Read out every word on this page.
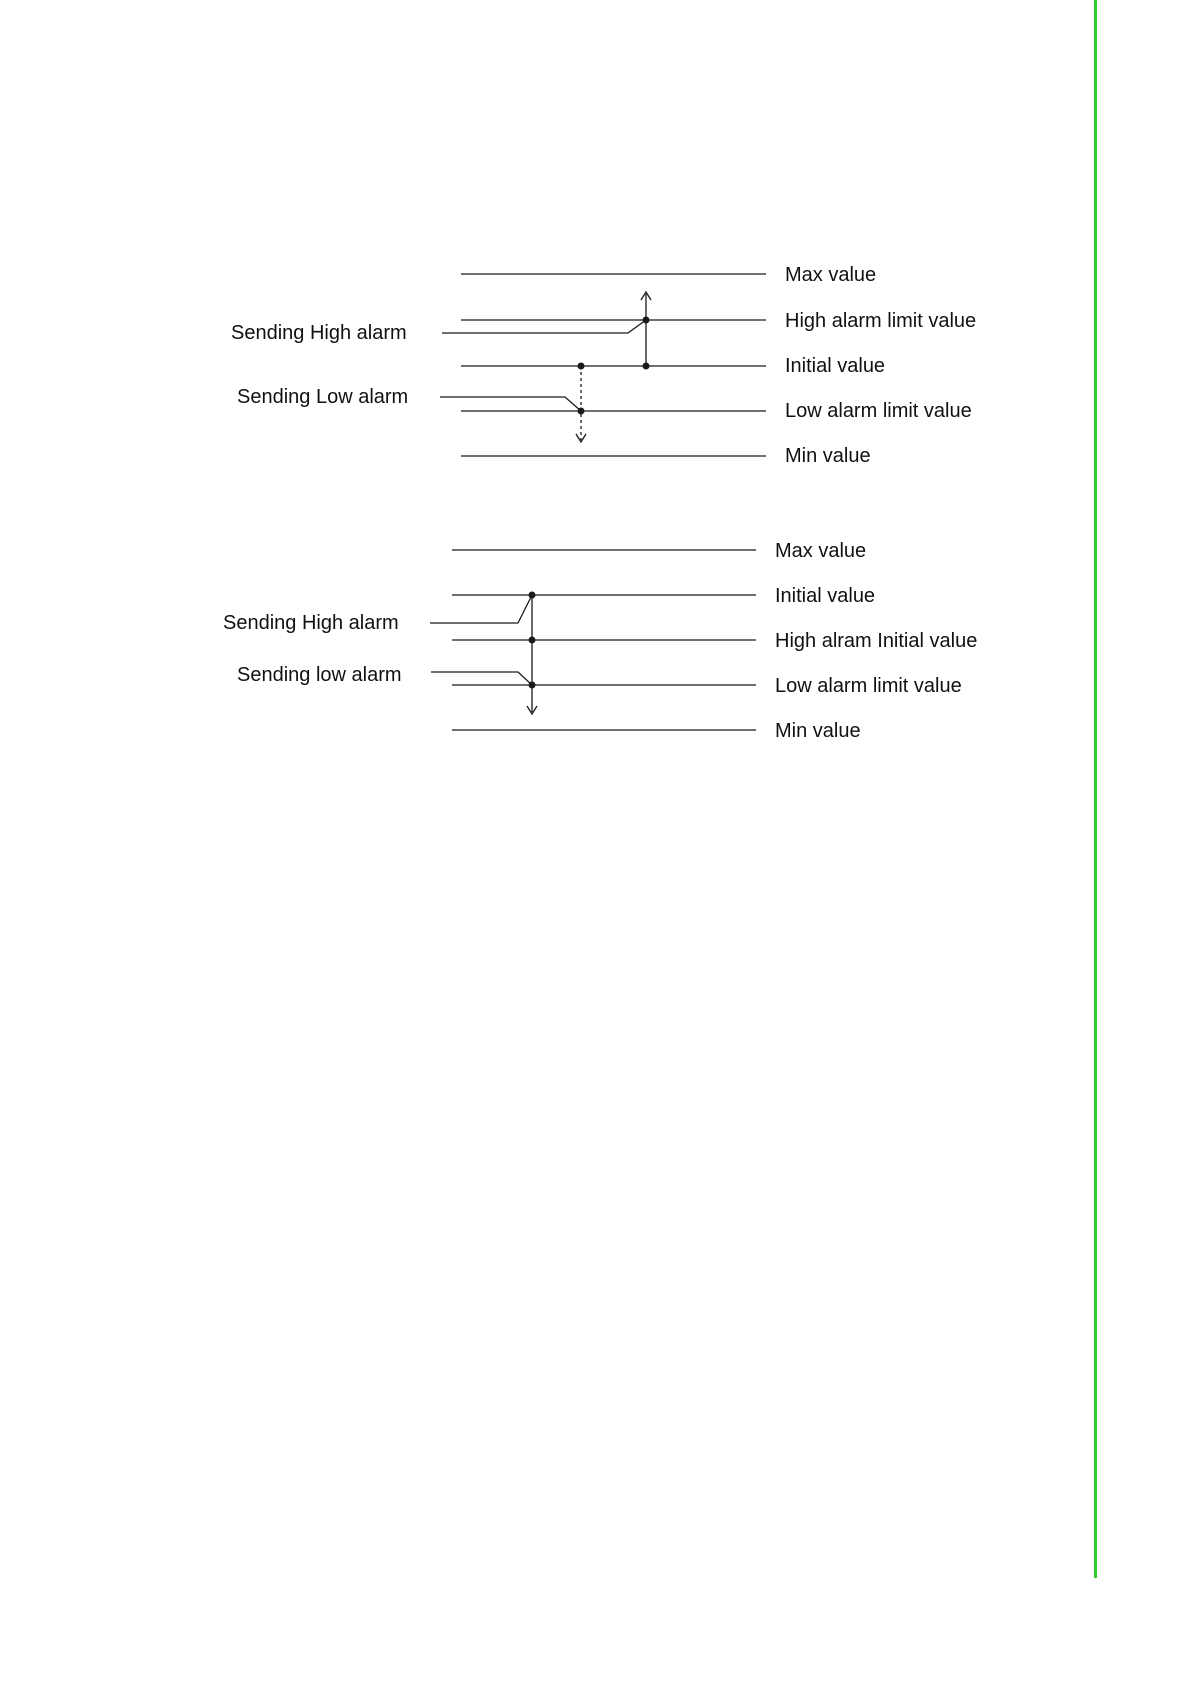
Sending High alarm
Sending Low alarm
Max value
High alarm limit value
Initial value
Low alarm limit value
Min value
Sending High alarm
Sending low alarm
Max value
Initial value
High alram Initial value
Low alarm limit value
Min value
